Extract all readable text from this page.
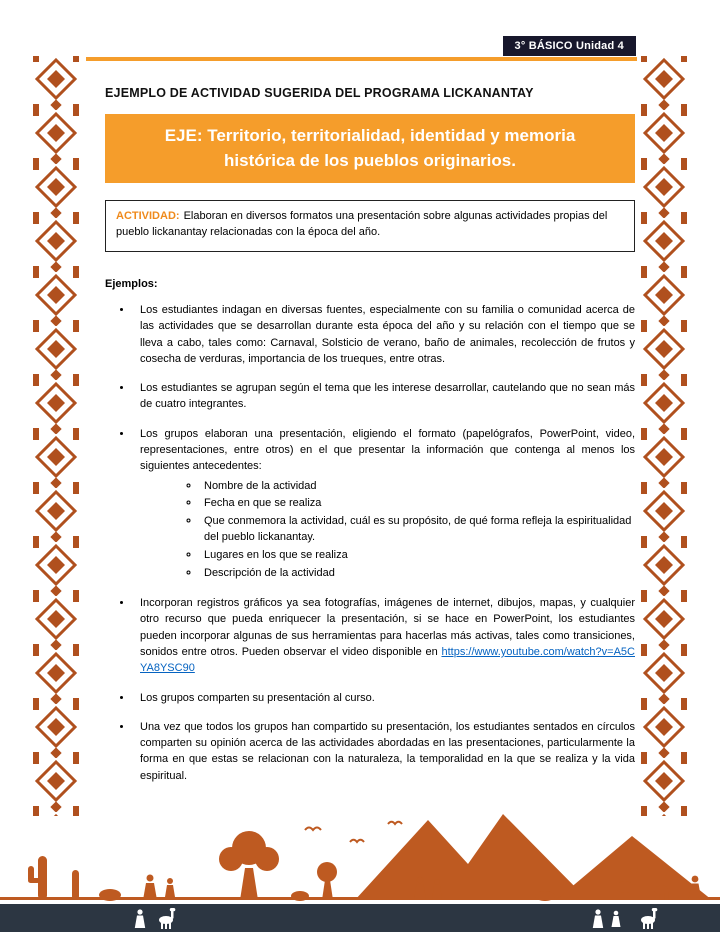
3° BÁSICO Unidad 4
EJEMPLO DE ACTIVIDAD SUGERIDA DEL PROGRAMA LICKANANTAY
EJE: Territorio, territorialidad, identidad y memoria histórica de los pueblos originarios.
ACTIVIDAD: Elaboran en diversos formatos una presentación sobre algunas actividades propias del pueblo lickanantay relacionadas con la época del año.
Ejemplos:
• Los estudiantes indagan en diversas fuentes, especialmente con su familia o comunidad acerca de las actividades que se desarrollan durante esta época del año y su relación con el tiempo que se lleva a cabo, tales como: Carnaval, Solsticio de verano, baño de animales, recolección de frutos y cosecha de verduras, importancia de los trueques, entre otras.
• Los estudiantes se agrupan según el tema que les interese desarrollar, cautelando que no sean más de cuatro integrantes.
• Los grupos elaboran una presentación, eligiendo el formato (papelógrafos, PowerPoint, video, representaciones, entre otros) en el que presentar la información que contenga al menos los siguientes antecedentes:
◦ Nombre de la actividad
◦ Fecha en que se realiza
◦ Que conmemora la actividad, cuál es su propósito, de qué forma refleja la espiritualidad del pueblo lickanantay.
◦ Lugares en los que se realiza
◦ Descripción de la actividad
• Incorporan registros gráficos ya sea fotografías, imágenes de internet, dibujos, mapas, y cualquier otro recurso que pueda enriquecer la presentación, si se hace en PowerPoint, los estudiantes pueden incorporar algunas de sus herramientas para hacerlas más activas, tales como transiciones, sonidos entre otros. Pueden observar el video disponible en https://www.youtube.com/watch?v=A5CYA8YSC90
• Los grupos comparten su presentación al curso.
• Una vez que todos los grupos han compartido su presentación, los estudiantes sentados en círculos comparten su opinión acerca de las actividades abordadas en las presentaciones, particularmente la forma en que estas se relacionan con la naturaleza, la temporalidad en la que se realiza y la vida espiritual.
